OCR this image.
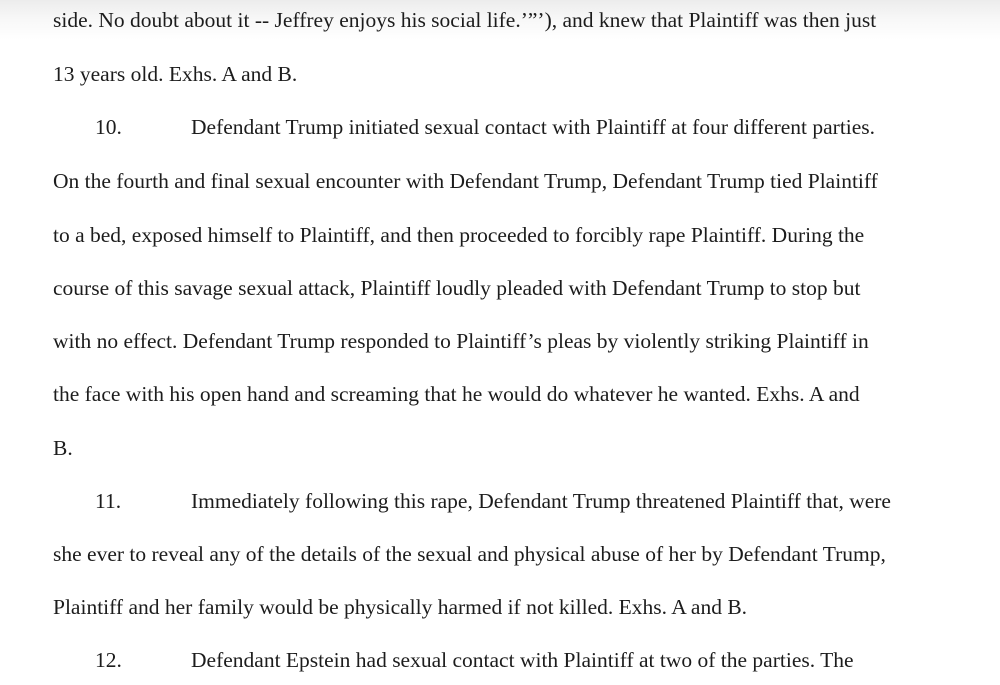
side. No doubt about it -- Jeffrey enjoys his social life.’”’), and knew that Plaintiff was then just
13 years old. Exhs. A and B.
10.	Defendant Trump initiated sexual contact with Plaintiff at four different parties.
On the fourth and final sexual encounter with Defendant Trump, Defendant Trump tied Plaintiff
to a bed, exposed himself to Plaintiff, and then proceeded to forcibly rape Plaintiff. During the
course of this savage sexual attack, Plaintiff loudly pleaded with Defendant Trump to stop but
with no effect. Defendant Trump responded to Plaintiff’s pleas by violently striking Plaintiff in
the face with his open hand and screaming that he would do whatever he wanted. Exhs. A and
B.
11.	Immediately following this rape, Defendant Trump threatened Plaintiff that, were
she ever to reveal any of the details of the sexual and physical abuse of her by Defendant Trump,
Plaintiff and her family would be physically harmed if not killed. Exhs. A and B.
12.	Defendant Epstein had sexual contact with Plaintiff at two of the parties. The
